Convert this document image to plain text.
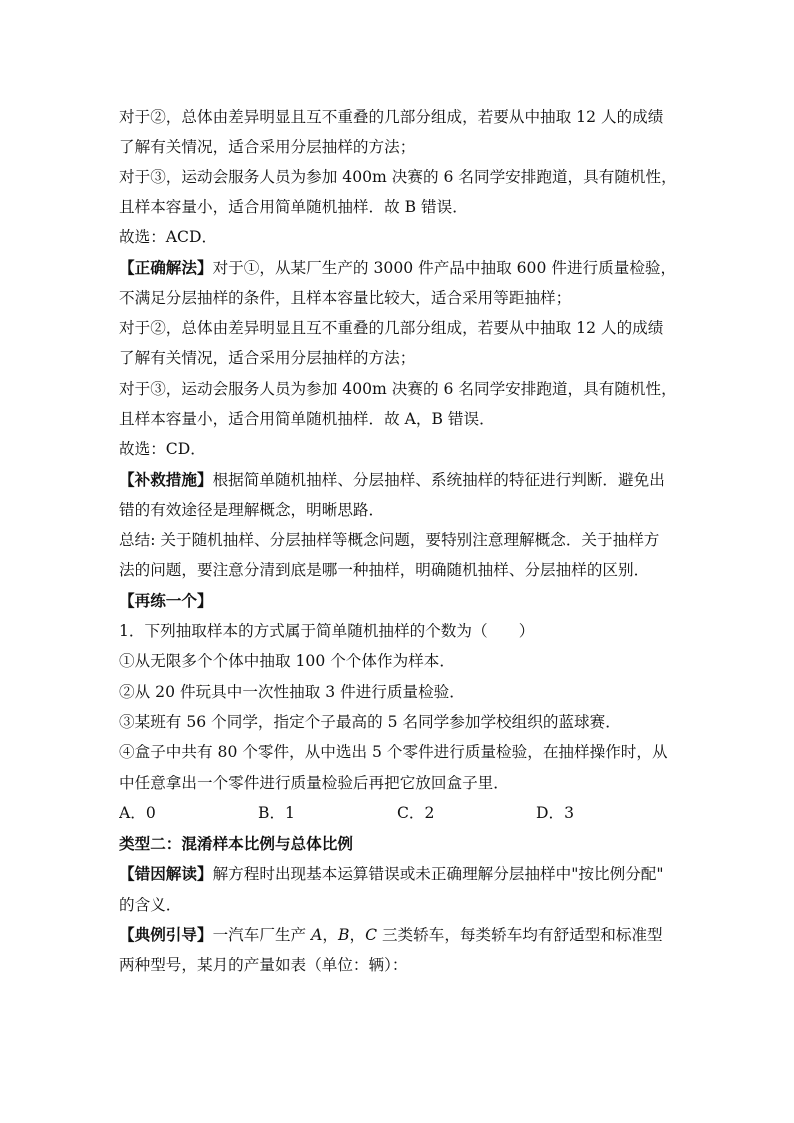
对于②，总体由差异明显且互不重叠的几部分组成，若要从中抽取 12 人的成绩
了解有关情况，适合采用分层抽样的方法；
对于③，运动会服务人员为参加 400m 决赛的 6 名同学安排跑道，具有随机性，
且样本容量小，适合用简单随机抽样．故 B 错误．
故选：ACD．
【正确解法】对于①，从某厂生产的 3000 件产品中抽取 600 件进行质量检验，
不满足分层抽样的条件，且样本容量比较大，适合采用等距抽样；
对于②，总体由差异明显且互不重叠的几部分组成，若要从中抽取 12 人的成绩
了解有关情况，适合采用分层抽样的方法；
对于③，运动会服务人员为参加 400m 决赛的 6 名同学安排跑道，具有随机性，
且样本容量小，适合用简单随机抽样．故 A，B 错误．
故选：CD．
【补救措施】根据简单随机抽样、分层抽样、系统抽样的特征进行判断．避免出
错的有效途径是理解概念，明晰思路．
总结: 关于随机抽样、分层抽样等概念问题，要特别注意理解概念．关于抽样方
法的问题，要注意分清到底是哪一种抽样，明确随机抽样、分层抽样的区别．
【再练一个】
1．下列抽取样本的方式属于简单随机抽样的个数为（　　）
①从无限多个个体中抽取 100 个个体作为样本．
②从 20 件玩具中一次性抽取 3 件进行质量检验．
③某班有 56 个同学，指定个子最高的 5 名同学参加学校组织的蓝球赛．
④盒子中共有 80 个零件，从中选出 5 个零件进行质量检验，在抽样操作时，从
中任意拿出一个零件进行质量检验后再把它放回盒子里．
A．0	B．1	C．2	D．3
类型二：混淆样本比例与总体比例
【错因解读】解方程时出现基本运算错误或未正确理解分层抽样中"按比例分配"
的含义．
【典例引导】一汽车厂生产 A，B，C 三类轿车，每类轿车均有舒适型和标准型
两种型号，某月的产量如表（单位：辆）：
